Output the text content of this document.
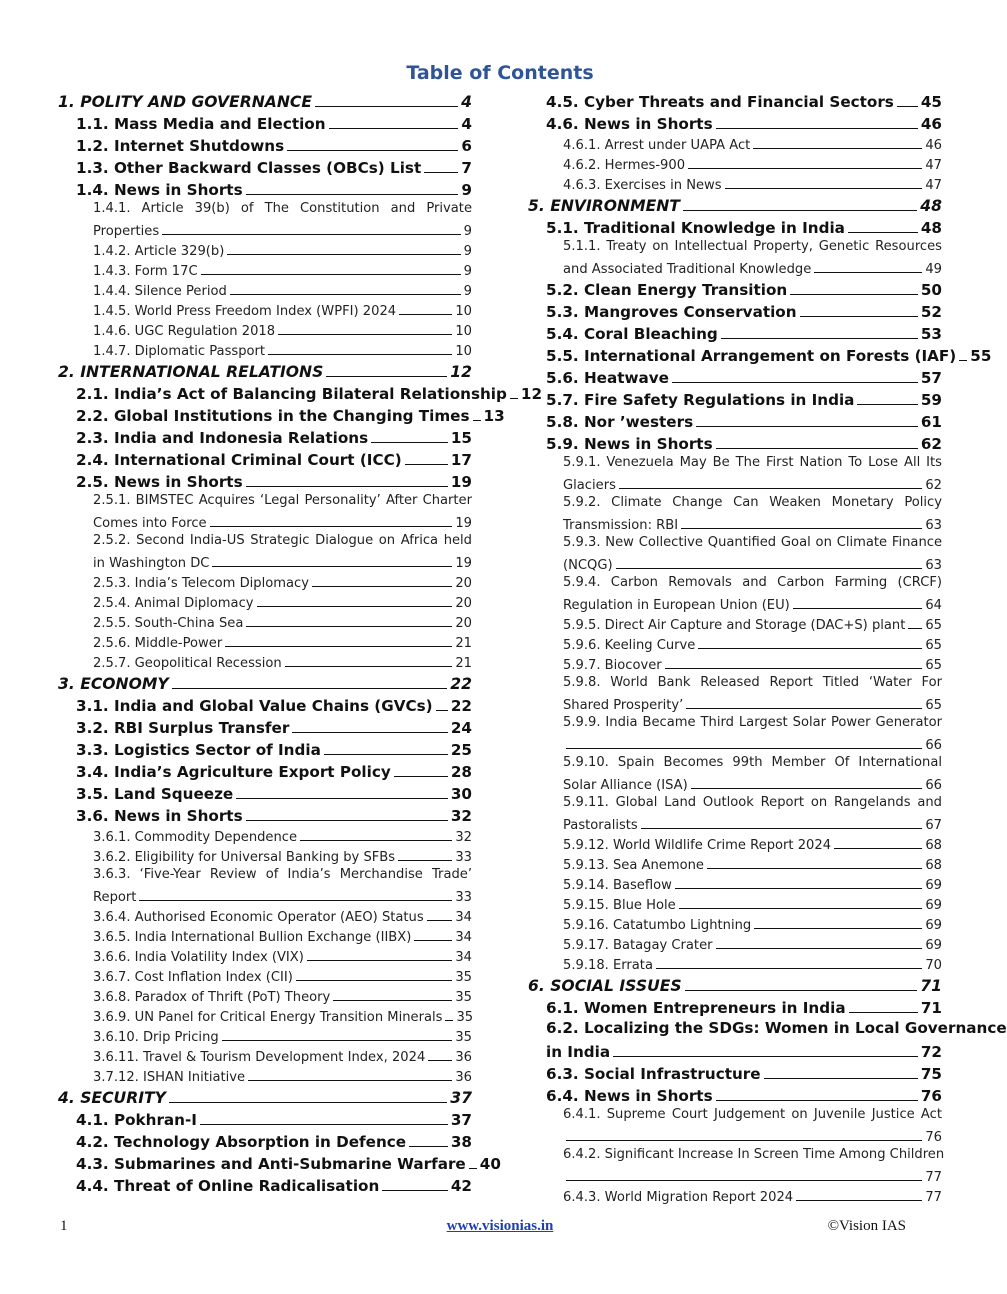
Table of Contents
1. POLITY AND GOVERNANCE	4
1.1. Mass Media and Election	4
1.2. Internet Shutdowns	6
1.3. Other Backward Classes (OBCs) List	7
1.4. News in Shorts	9
1.4.1. Article 39(b) of The Constitution and Private
Properties	9
1.4.2. Article 329(b)	9
1.4.3. Form 17C	9
1.4.4. Silence Period	9
1.4.5. World Press Freedom Index (WPFI) 2024	10
1.4.6. UGC Regulation 2018	10
1.4.7. Diplomatic Passport	10
2. INTERNATIONAL RELATIONS	12
2.1. India’s Act of Balancing Bilateral Relationship 12
2.2. Global Institutions in the Changing Times 13
2.3. India and Indonesia Relations	15
2.4. International Criminal Court (ICC)	17
2.5. News in Shorts	19
2.5.1. BIMSTEC Acquires ‘Legal Personality’ After Charter
Comes into Force	19
2.5.2. Second India-US Strategic Dialogue on Africa held
in Washington DC	19
2.5.3. India’s Telecom Diplomacy	20
2.5.4. Animal Diplomacy	20
2.5.5. South-China Sea	20
2.5.6. Middle-Power	21
2.5.7. Geopolitical Recession	21
3. ECONOMY	22
3.1. India and Global Value Chains (GVCs) 22
3.2. RBI Surplus Transfer	24
3.3. Logistics Sector of India	25
3.4. India’s Agriculture Export Policy	28
3.5. Land Squeeze	30
3.6. News in Shorts	32
3.6.1. Commodity Dependence	32
3.6.2. Eligibility for Universal Banking by SFBs	33
3.6.3. ‘Five-Year Review of India’s Merchandise Trade’
Report	33
3.6.4. Authorised Economic Operator (AEO) Status 34
3.6.5. India International Bullion Exchange (IIBX)	34
3.6.6. India Volatility Index (VIX)	34
3.6.7. Cost Inflation Index (CII)	35
3.6.8. Paradox of Thrift (PoT) Theory	35
3.6.9. UN Panel for Critical Energy Transition Minerals 35
3.6.10. Drip Pricing	35
3.6.11. Travel & Tourism Development Index, 2024 36
3.7.12. ISHAN Initiative	36
4. SECURITY	37
4.1. Pokhran-I	37
4.2. Technology Absorption in Defence	38
4.3. Submarines and Anti-Submarine Warfare 40
4.4. Threat of Online Radicalisation	42
4.5. Cyber Threats and Financial Sectors 45
4.6. News in Shorts	46
4.6.1. Arrest under UAPA Act	46
4.6.2. Hermes-900	47
4.6.3. Exercises in News	47
5. ENVIRONMENT	48
5.1. Traditional Knowledge in India	48
5.1.1. Treaty on Intellectual Property, Genetic Resources
and Associated Traditional Knowledge	49
5.2. Clean Energy Transition	50
5.3. Mangroves Conservation	52
5.4. Coral Bleaching	53
5.5. International Arrangement on Forests (IAF) 55
5.6. Heatwave	57
5.7. Fire Safety Regulations in India	59
5.8. Nor ’westers	61
5.9. News in Shorts	62
5.9.1. Venezuela May Be The First Nation To Lose All Its
Glaciers	62
5.9.2. Climate Change Can Weaken Monetary Policy
Transmission: RBI	63
5.9.3. New Collective Quantified Goal on Climate Finance
(NCQG)	63
5.9.4. Carbon Removals and Carbon Farming (CRCF)
Regulation in European Union (EU)	64
5.9.5. Direct Air Capture and Storage (DAC+S) plant 65
5.9.6. Keeling Curve	65
5.9.7. Biocover	65
5.9.8. World Bank Released Report Titled ‘Water For
Shared Prosperity’	65
5.9.9. India Became Third Largest Solar Power Generator
66
5.9.10. Spain Becomes 99th Member Of International
Solar Alliance (ISA)	66
5.9.11. Global Land Outlook Report on Rangelands and
Pastoralists	67
5.9.12. World Wildlife Crime Report 2024	68
5.9.13. Sea Anemone	68
5.9.14. Baseflow	69
5.9.15. Blue Hole	69
5.9.16. Catatumbo Lightning	69
5.9.17. Batagay Crater	69
5.9.18. Errata	70
6. SOCIAL ISSUES	71
6.1. Women Entrepreneurs in India	71
6.2. Localizing the SDGs: Women in Local Governance
in India	72
6.3. Social Infrastructure	75
6.4. News in Shorts	76
6.4.1. Supreme Court Judgement on Juvenile Justice Act
76
6.4.2. Significant Increase In Screen Time Among Children
77
6.4.3. World Migration Report 2024	77
1	www.visionias.in	©Vision IAS
